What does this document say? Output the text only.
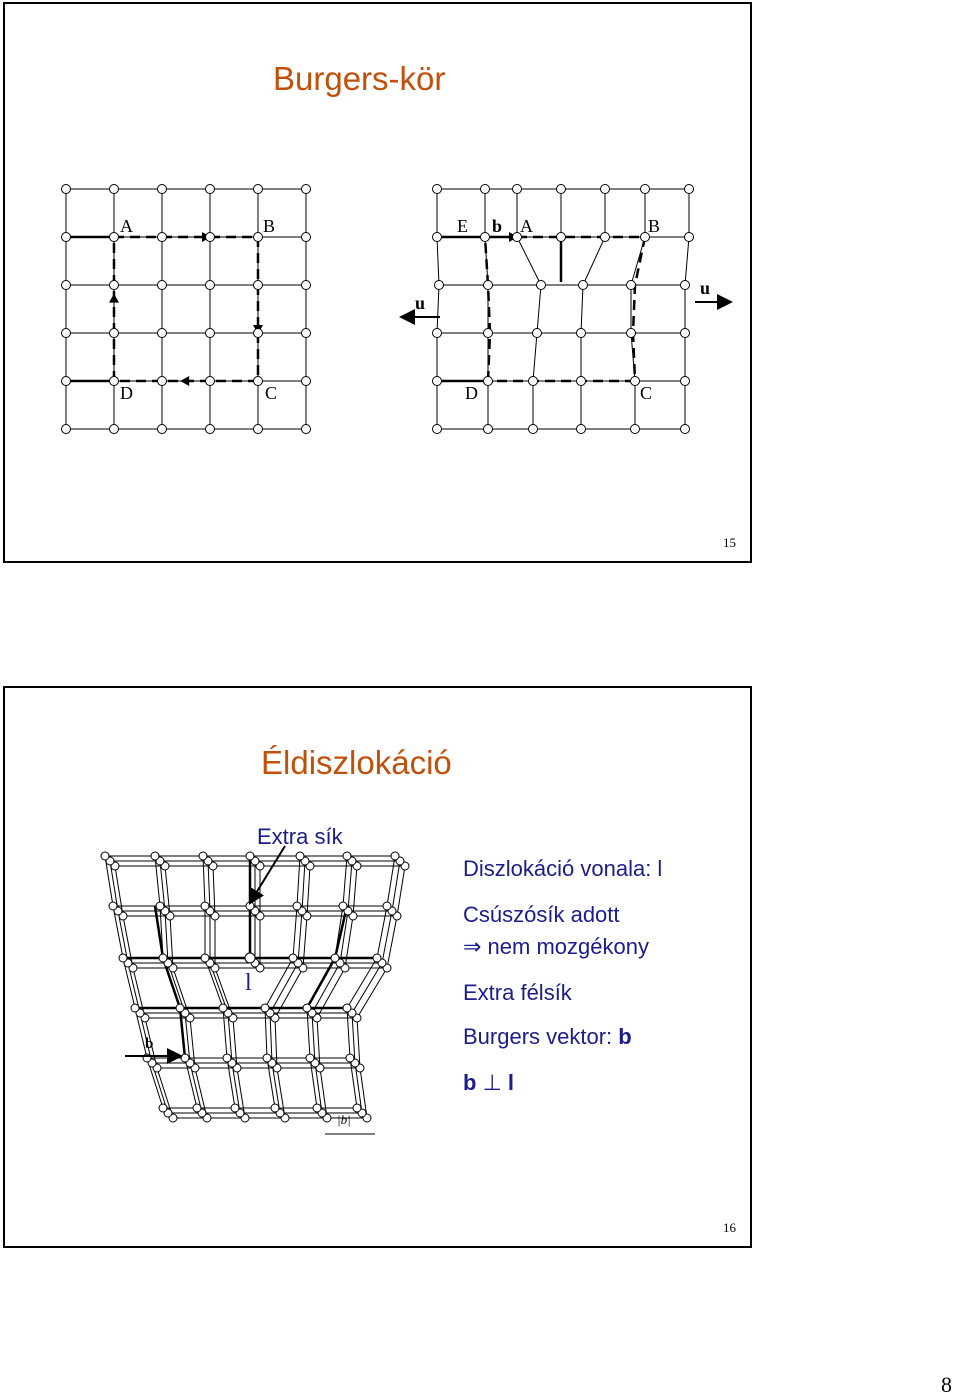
Burgers-kör
A	B
C
D
E b A	B
C
D
u
u
15
Éldiszlokáció
l
b
|b|
Extra sík
Diszlokáció vonala: l
Csúszósík adott
⇒ nem mozgékony
Extra félsík
Burgers vektor: b
b ⊥ l
16
8
